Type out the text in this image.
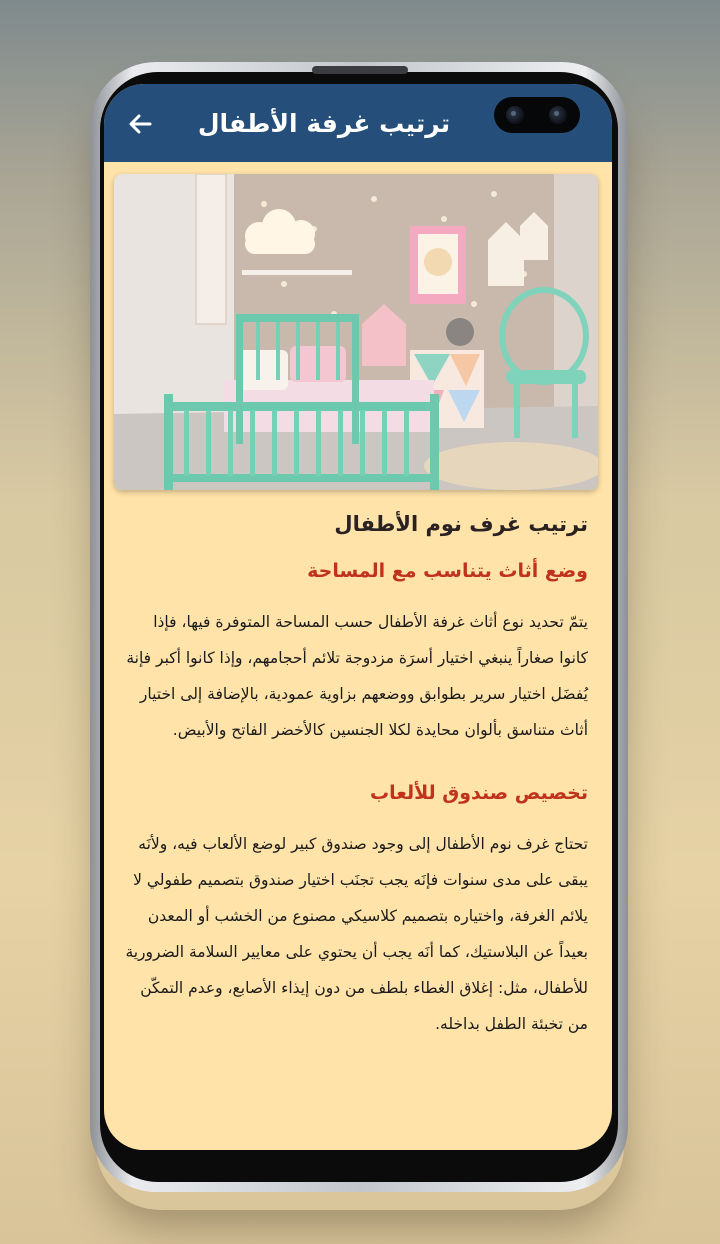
ترتيب غرفة الأطفال
ترتيب غرف نوم الأطفال
وضع أثاث يتناسب مع المساحة

يتمّ تحديد نوع أثاث غرفة الأطفال حسب المساحة المتوفرة فيها، فإذا كانوا صغاراً ينبغي اختيار أسرَة مزدوجة تلائم أحجامهم، وإذا كانوا أكبر فإنة يُفضَل اختيار سرير بطوابق ووضعهم بزاوية عمودية، بالإضافة إلى اختيار أثاث متناسق بألوان محايدة لكلا الجنسين كالأخضر الفاتح والأبيض.

تخصيص صندوق للألعاب

تحتاج غرف نوم الأطفال إلى وجود صندوق كبير لوضع الألعاب فيه، ولأنَه يبقى على مدى سنوات فإنَه يجب تجنَب اختيار صندوق بتصميم طفولي لا يلائم الغرفة، واختياره بتصميم كلاسيكي مصنوع من الخشب أو المعدن بعيداً عن البلاستيك، كما أنَه يجب أن يحتوي على معايير السلامة الضرورية للأطفال، مثل: إغلاق الغطاء بلطف من دون إيذاء الأصابع، وعدم التمكّن من تخبئة الطفل بداخله.
